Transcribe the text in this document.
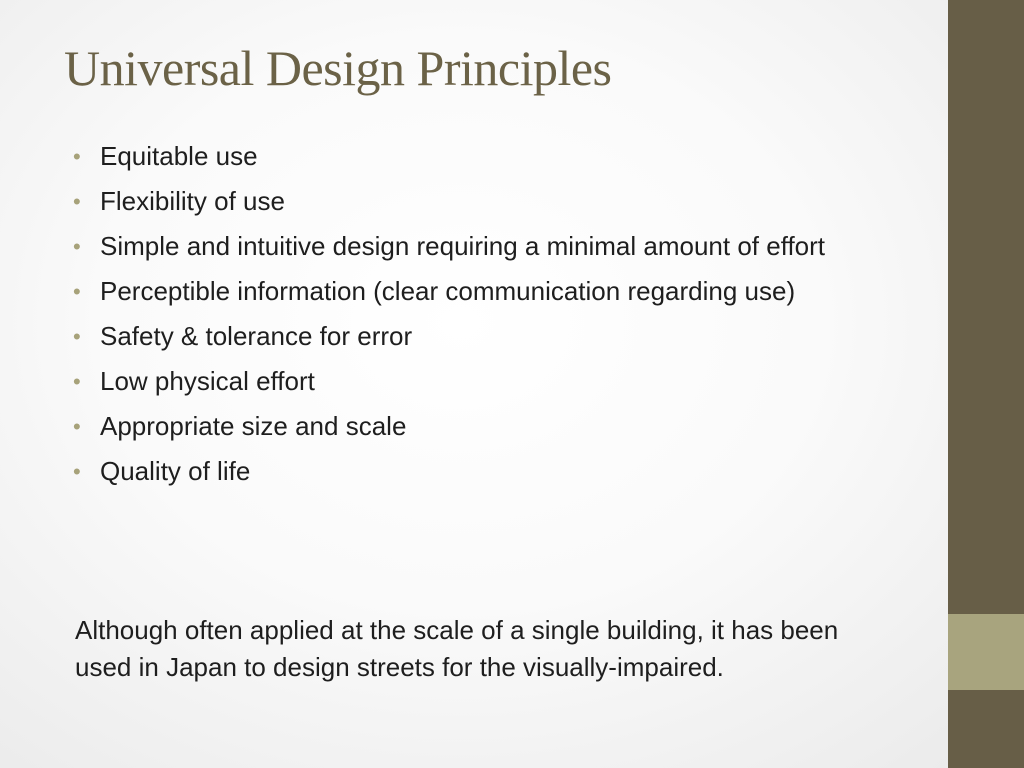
Universal Design Principles
• Equitable use
• Flexibility of use
• Simple and intuitive design requiring a minimal amount of effort
• Perceptible information (clear communication regarding use)
• Safety & tolerance for error
• Low physical effort
• Appropriate size and scale
• Quality of life

Although often applied at the scale of a single building, it has been used in Japan to design streets for the visually-impaired.
